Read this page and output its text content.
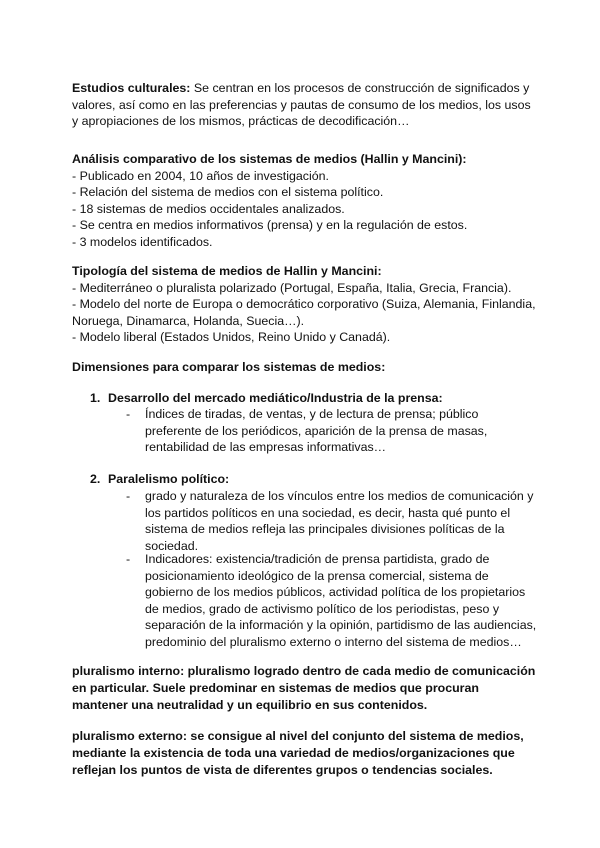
Estudios culturales: Se centran en los procesos de construcción de significados y
valores, así como en las preferencias y pautas de consumo de los medios, los usos
y apropiaciones de los mismos, prácticas de decodificación…
Análisis comparativo de los sistemas de medios (Hallin y Mancini):
- Publicado en 2004, 10 años de investigación.
- Relación del sistema de medios con el sistema político.
- 18 sistemas de medios occidentales analizados.
- Se centra en medios informativos (prensa) y en la regulación de estos.
- 3 modelos identificados.
Tipología del sistema de medios de Hallin y Mancini:
- Mediterráneo o pluralista polarizado (Portugal, España, Italia, Grecia, Francia).
- Modelo del norte de Europa o democrático corporativo (Suiza, Alemania, Finlandia,
Noruega, Dinamarca, Holanda, Suecia…).
- Modelo liberal (Estados Unidos, Reino Unido y Canadá).
Dimensiones para comparar los sistemas de medios:
1. Desarrollo del mercado mediático/Industria de la prensa:
- Índices de tiradas, de ventas, y de lectura de prensa; público
preferente de los periódicos, aparición de la prensa de masas,
rentabilidad de las empresas informativas…
2. Paralelismo político:
- grado y naturaleza de los vínculos entre los medios de comunicación y
los partidos políticos en una sociedad, es decir, hasta qué punto el
sistema de medios refleja las principales divisiones políticas de la
sociedad.
- Indicadores: existencia/tradición de prensa partidista, grado de
posicionamiento ideológico de la prensa comercial, sistema de
gobierno de los medios públicos, actividad política de los propietarios
de medios, grado de activismo político de los periodistas, peso y
separación de la información y la opinión, partidismo de las audiencias,
predominio del pluralismo externo o interno del sistema de medios…
pluralismo interno: pluralismo logrado dentro de cada medio de comunicación
en particular. Suele predominar en sistemas de medios que procuran
mantener una neutralidad y un equilibrio en sus contenidos.
pluralismo externo: se consigue al nivel del conjunto del sistema de medios,
mediante la existencia de toda una variedad de medios/organizaciones que
reflejan los puntos de vista de diferentes grupos o tendencias sociales.
